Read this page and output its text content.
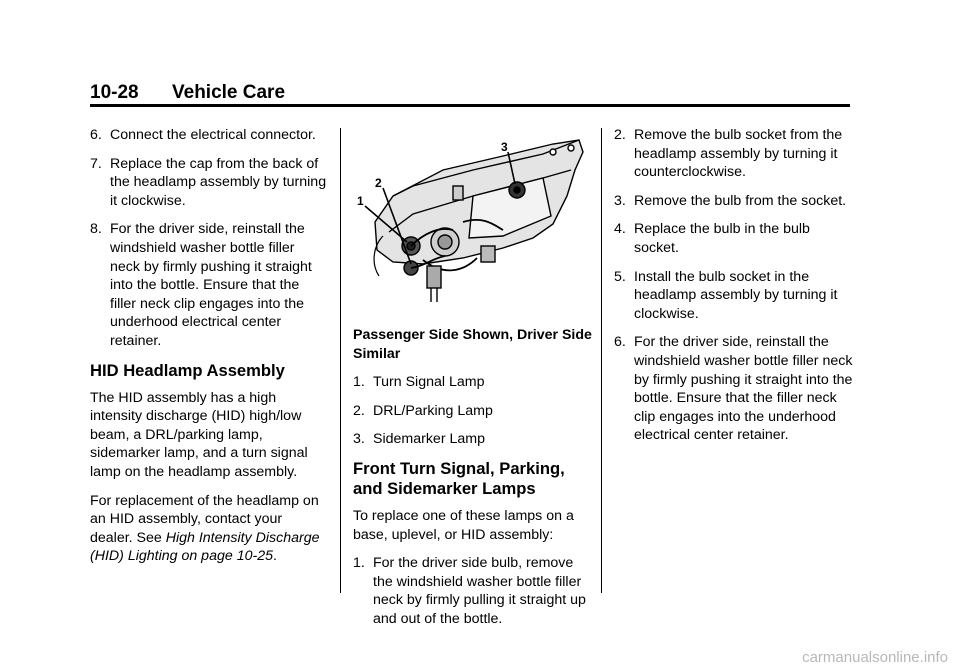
10-28 Vehicle Care
6. Connect the electrical connector.
7. Replace the cap from the back of the headlamp assembly by turning it clockwise.
8. For the driver side, reinstall the windshield washer bottle filler neck by firmly pushing it straight into the bottle. Ensure that the filler neck clip engages into the underhood electrical center retainer.
HID Headlamp Assembly

The HID assembly has a high intensity discharge (HID) high/low beam, a DRL/parking lamp, sidemarker lamp, and a turn signal lamp on the headlamp assembly.

For replacement of the headlamp on an HID assembly, contact your dealer. See High Intensity Discharge (HID) Lighting on page 10-25.

1
2
3
Passenger Side Shown, Driver Side Similar
1. Turn Signal Lamp
2. DRL/Parking Lamp
3. Sidemarker Lamp
Front Turn Signal, Parking, and Sidemarker Lamps

To replace one of these lamps on a base, uplevel, or HID assembly:

1. For the driver side bulb, remove the windshield washer bottle filler neck by firmly pulling it straight up and out of the bottle.
2. Remove the bulb socket from the headlamp assembly by turning it counterclockwise.
3. Remove the bulb from the socket.
4. Replace the bulb in the bulb socket.
5. Install the bulb socket in the headlamp assembly by turning it clockwise.
6. For the driver side, reinstall the windshield washer bottle filler neck by firmly pushing it straight into the bottle. Ensure that the filler neck clip engages into the underhood electrical center retainer.
carmanualsonline.info
